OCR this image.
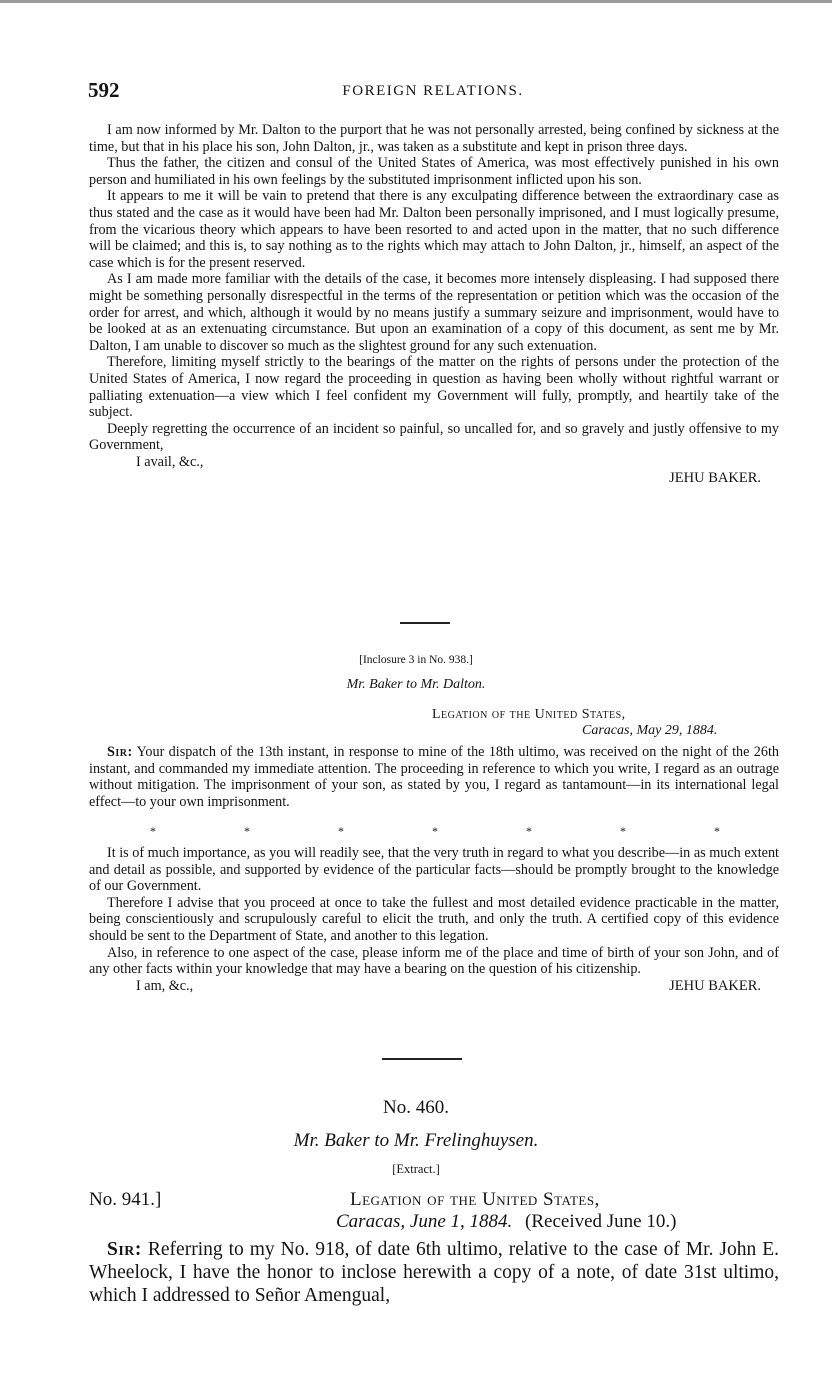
592	FOREIGN RELATIONS.

I am now informed by Mr. Dalton to the purport that he was not personally arrested, being confined by sickness at the time, but that in his place his son, John Dalton, jr., was taken as a substitute and kept in prison three days.

Thus the father, the citizen and consul of the United States of America, was most effectively punished in his own person and humiliated in his own feelings by the substituted imprisonment inflicted upon his son.

It appears to me it will be vain to pretend that there is any exculpating difference between the extraordinary case as thus stated and the case as it would have been had Mr. Dalton been personally imprisoned, and I must logically presume, from the vicarious theory which appears to have been resorted to and acted upon in the matter, that no such difference will be claimed; and this is, to say nothing as to the rights which may attach to John Dalton, jr., himself, an aspect of the case which is for the present reserved.

As I am made more familiar with the details of the case, it becomes more intensely displeasing. I had supposed there might be something personally disrespectful in the terms of the representation or petition which was the occasion of the order for arrest, and which, although it would by no means justify a summary seizure and imprisonment, would have to be looked at as an extenuating circumstance. But upon an examination of a copy of this document, as sent me by Mr. Dalton, I am unable to discover so much as the slightest ground for any such extenuation.

Therefore, limiting myself strictly to the bearings of the matter on the rights of persons under the protection of the United States of America, I now regard the proceeding in question as having been wholly without rightful warrant or palliating extenuation—a view which I feel confident my Government will fully, promptly, and heartily take of the subject.

Deeply regretting the occurrence of an incident so painful, so uncalled for, and so gravely and justly offensive to my Government,

I avail, &c.,

JEHU BAKER.

[Inclosure 3 in No. 938.]
Mr. Baker to Mr. Dalton.
Legation of the United States,
Caracas, May 29, 1884.

Sir: Your dispatch of the 13th instant, in response to mine of the 18th ultimo, was received on the night of the 26th instant, and commanded my immediate attention. The proceeding in reference to which you write, I regard as an outrage without mitigation. The imprisonment of your son, as stated by you, I regard as tantamount—in its international legal effect—to your own imprisonment.

*	*	*	*	*	*	*

It is of much importance, as you will readily see, that the very truth in regard to what you describe—in as much extent and detail as possible, and supported by evidence of the particular facts—should be promptly brought to the knowledge of our Government.

Therefore I advise that you proceed at once to take the fullest and most detailed evidence practicable in the matter, being conscientiously and scrupulously careful to elicit the truth, and only the truth. A certified copy of this evidence should be sent to the Department of State, and another to this legation.

Also, in reference to one aspect of the case, please inform me of the place and time of birth of your son John, and of any other facts within your knowledge that may have a bearing on the question of his citizenship.

I am, &c.,	JEHU BAKER.

No. 460.
Mr. Baker to Mr. Frelinghuysen.
[Extract.]
No. 941.]	Legation of the United States,
Caracas, June 1, 1884. (Received June 10.)

Sir: Referring to my No. 918, of date 6th ultimo, relative to the case of Mr. John E. Wheelock, I have the honor to inclose herewith a copy of a note, of date 31st ultimo, which I addressed to Señor Amengual,
